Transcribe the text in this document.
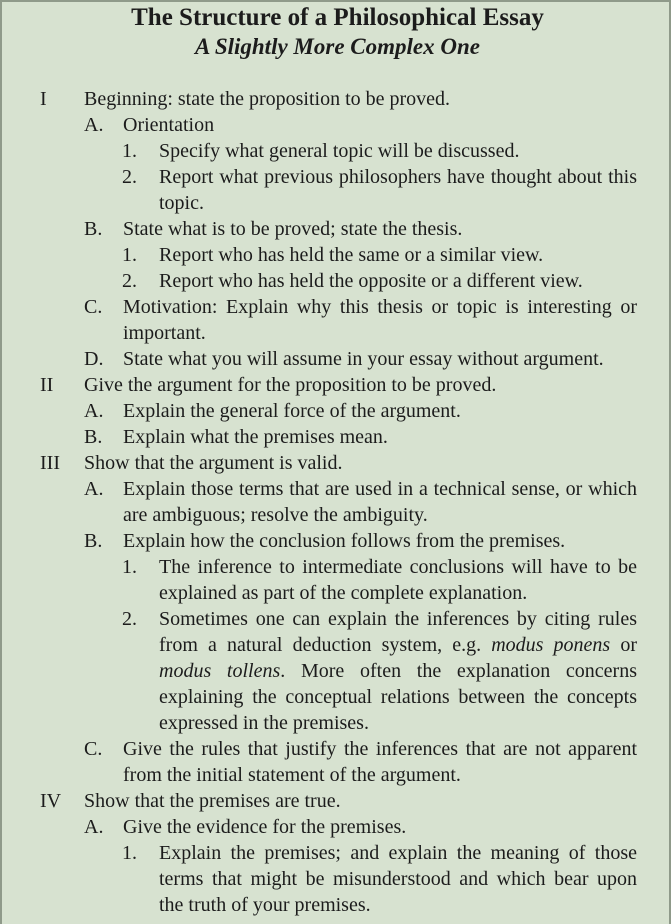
The Structure of a Philosophical Essay
A Slightly More Complex One
I Beginning: state the proposition to be proved.
A. Orientation
1. Specify what general topic will be discussed.
2. Report what previous philosophers have thought about this topic.
B. State what is to be proved; state the thesis.
1. Report who has held the same or a similar view.
2. Report who has held the opposite or a different view.
C. Motivation: Explain why this thesis or topic is interesting or important.
D. State what you will assume in your essay without argument.
II Give the argument for the proposition to be proved.
A. Explain the general force of the argument.
B. Explain what the premises mean.
III Show that the argument is valid.
A. Explain those terms that are used in a technical sense, or which are ambiguous; resolve the ambiguity.
B. Explain how the conclusion follows from the premises.
1. The inference to intermediate conclusions will have to be explained as part of the complete explanation.
2. Sometimes one can explain the inferences by citing rules from a natural deduction system, e.g. modus ponens or modus tollens. More often the explanation concerns explaining the conceptual relations between the concepts expressed in the premises.
C. Give the rules that justify the inferences that are not apparent from the initial statement of the argument.
IV Show that the premises are true.
A. Give the evidence for the premises.
1. Explain the premises; and explain the meaning of those terms that might be misunderstood and which bear upon the truth of your premises.
